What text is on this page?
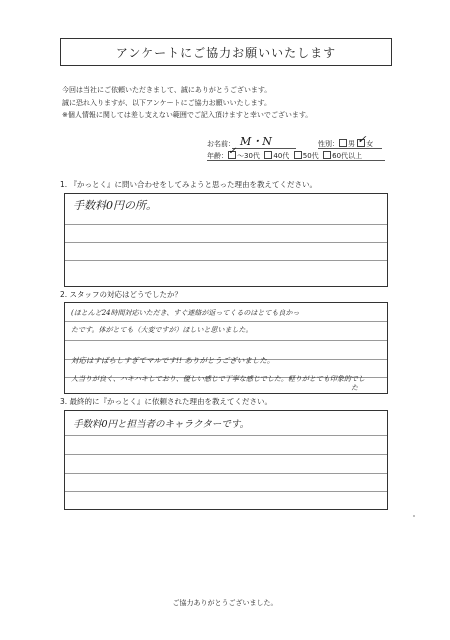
アンケートにご協力お願いいたします
今回は当社にご依頼いただきまして、誠にありがとうございます。
誠に恐れ入りますが、以下アンケートにご協力お願いいたします。
※個人情報に関しては差し支えない範囲でご記入頂けますと幸いでございます。
お名前： M・N	性別： 男 ✓ 女
年齢： ✓ ～30代 40代 50代 60代以上
1. 『かっとく』に問い合わせをしてみようと思った理由を教えてください。
手数料0円の所。
2. スタッフの対応はどうでしたか？
(ほとんど24時間対応いただき、すぐ連絡が返ってくるのはとても良かっ
たです。体がとても（大変ですが）ほしいと思いました。
対応はすばらしすぎてマルです!! ありがとうございました。
人当りが良く、ハキハキしており、優しい感じで丁寧な感じでした。軽りがとても印象的でし
た
3. 最終的に『かっとく』に依頼された理由を教えてください。
手数料0円と担当者のキャラクターです。
ご協力ありがとうございました。
